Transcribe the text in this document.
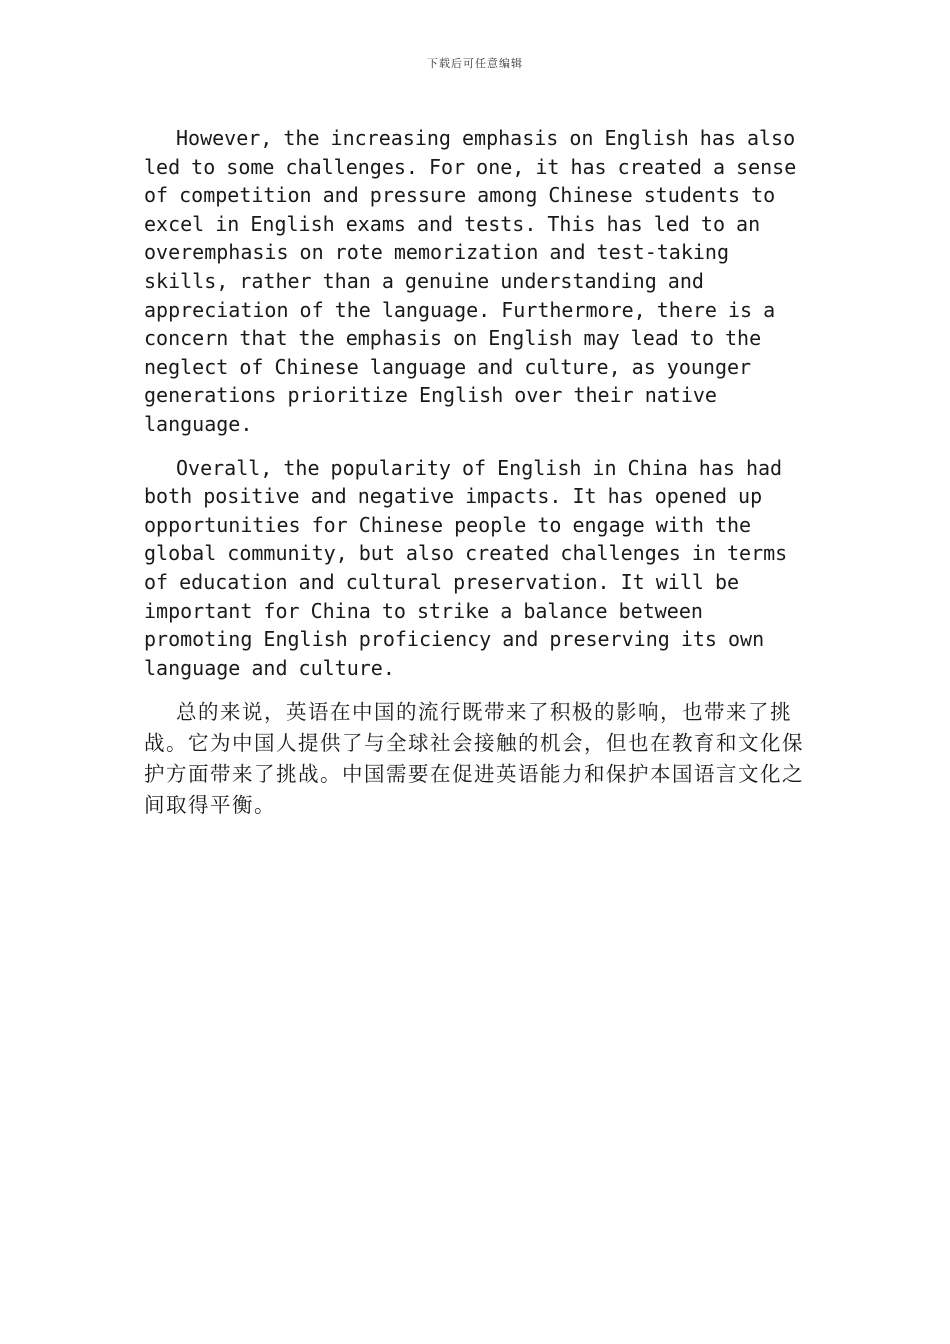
下载后可任意编辑

However, the increasing emphasis on English has also led to some challenges. For one, it has created a sense of competition and pressure among Chinese students to excel in English exams and tests. This has led to an overemphasis on rote memorization and test-taking skills, rather than a genuine understanding and appreciation of the language. Furthermore, there is a concern that the emphasis on English may lead to the neglect of Chinese language and culture, as younger generations prioritize English over their native language.

Overall, the popularity of English in China has had both positive and negative impacts. It has opened up opportunities for Chinese people to engage with the global community, but also created challenges in terms of education and cultural preservation. It will be important for China to strike a balance between promoting English proficiency and preserving its own language and culture.

总的来说，英语在中国的流行既带来了积极的影响，也带来了挑战。它为中国人提供了与全球社会接触的机会，但也在教育和文化保护方面带来了挑战。中国需要在促进英语能力和保护本国语言文化之间取得平衡。
